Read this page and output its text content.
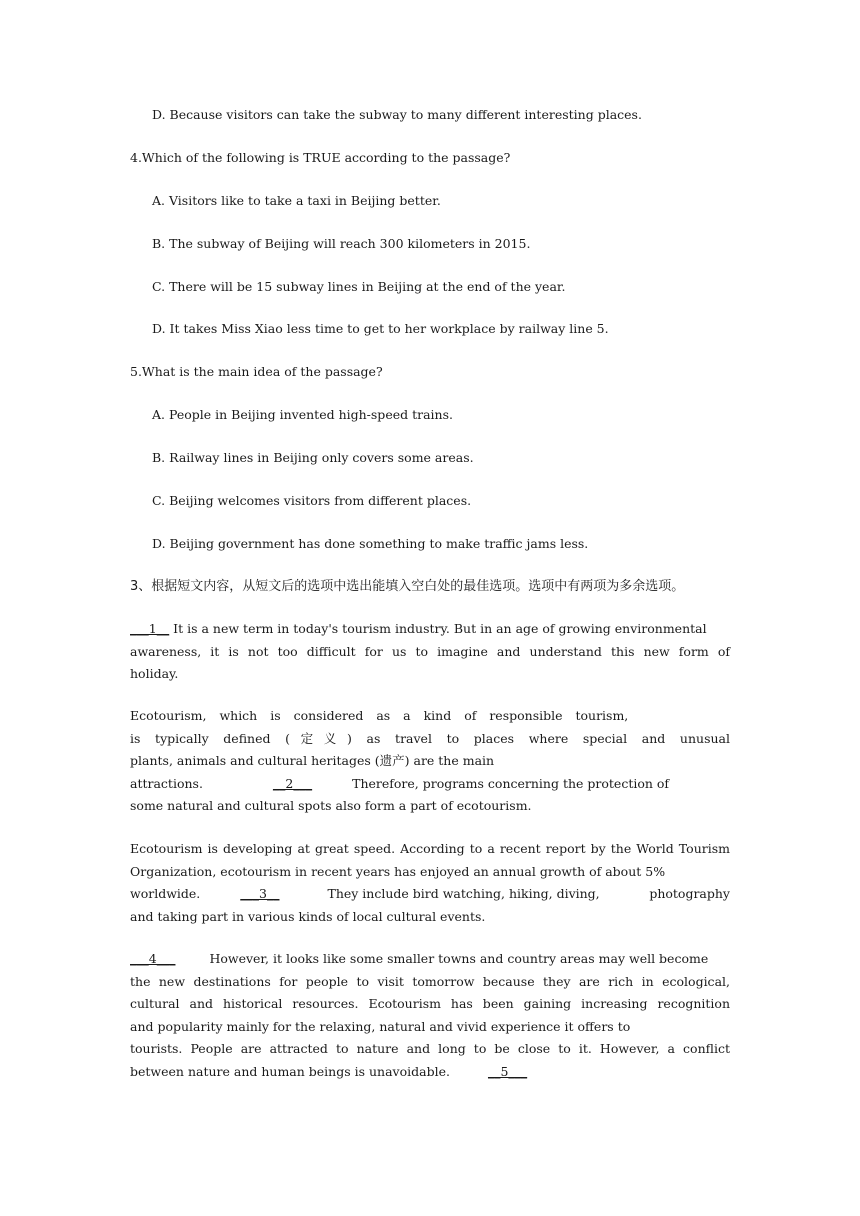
D. Because visitors can take the subway to many different interesting places.
4.Which of the following is TRUE according to the passage?
A. Visitors like to take a taxi in Beijing better.
B. The subway of Beijing will reach 300 kilometers in 2015.
C. There will be 15 subway lines in Beijing at the end of the year.
D. It takes Miss Xiao less time to get to her workplace by railway line 5.
5.What is the main idea of the passage?
A. People in Beijing invented high-speed trains.
B. Railway lines in Beijing only covers some areas.
C. Beijing welcomes visitors from different places.
D. Beijing government has done something to make traffic jams less.
3、根据短文内容，从短文后的选项中选出能填入空白处的最佳选项。选项中有两项为多余选项。
___1__ It is a new term in today's tourism industry. But in an age of growing environmental
awareness, it is not too difficult for us to imagine and understand this new form of
holiday.
Ecotourism, which is considered as a kind of responsible tourism,
is typically defined (定义) as travel to places where special and unusual
plants, animals and cultural heritages (遗产) are the main
attractions.	__2___	Therefore, programs concerning the protection of
some natural and cultural spots also form a part of ecotourism.
Ecotourism is developing at great speed. According to a recent report by the World Tourism
Organization, ecotourism in recent years has enjoyed an annual growth of about 5%
worldwide.	___3__	They include bird watching, hiking, diving,	photography
and taking part in various kinds of local cultural events.
___4___	However, it looks like some smaller towns and country areas may well become
the new destinations for people to visit tomorrow because they are rich in ecological,
cultural and historical resources. Ecotourism has been gaining increasing recognition
and popularity mainly for the relaxing, natural and vivid experience it offers to
tourists. People are attracted to nature and long to be close to it. However, a conflict
between nature and human beings is unavoidable.	__5___
